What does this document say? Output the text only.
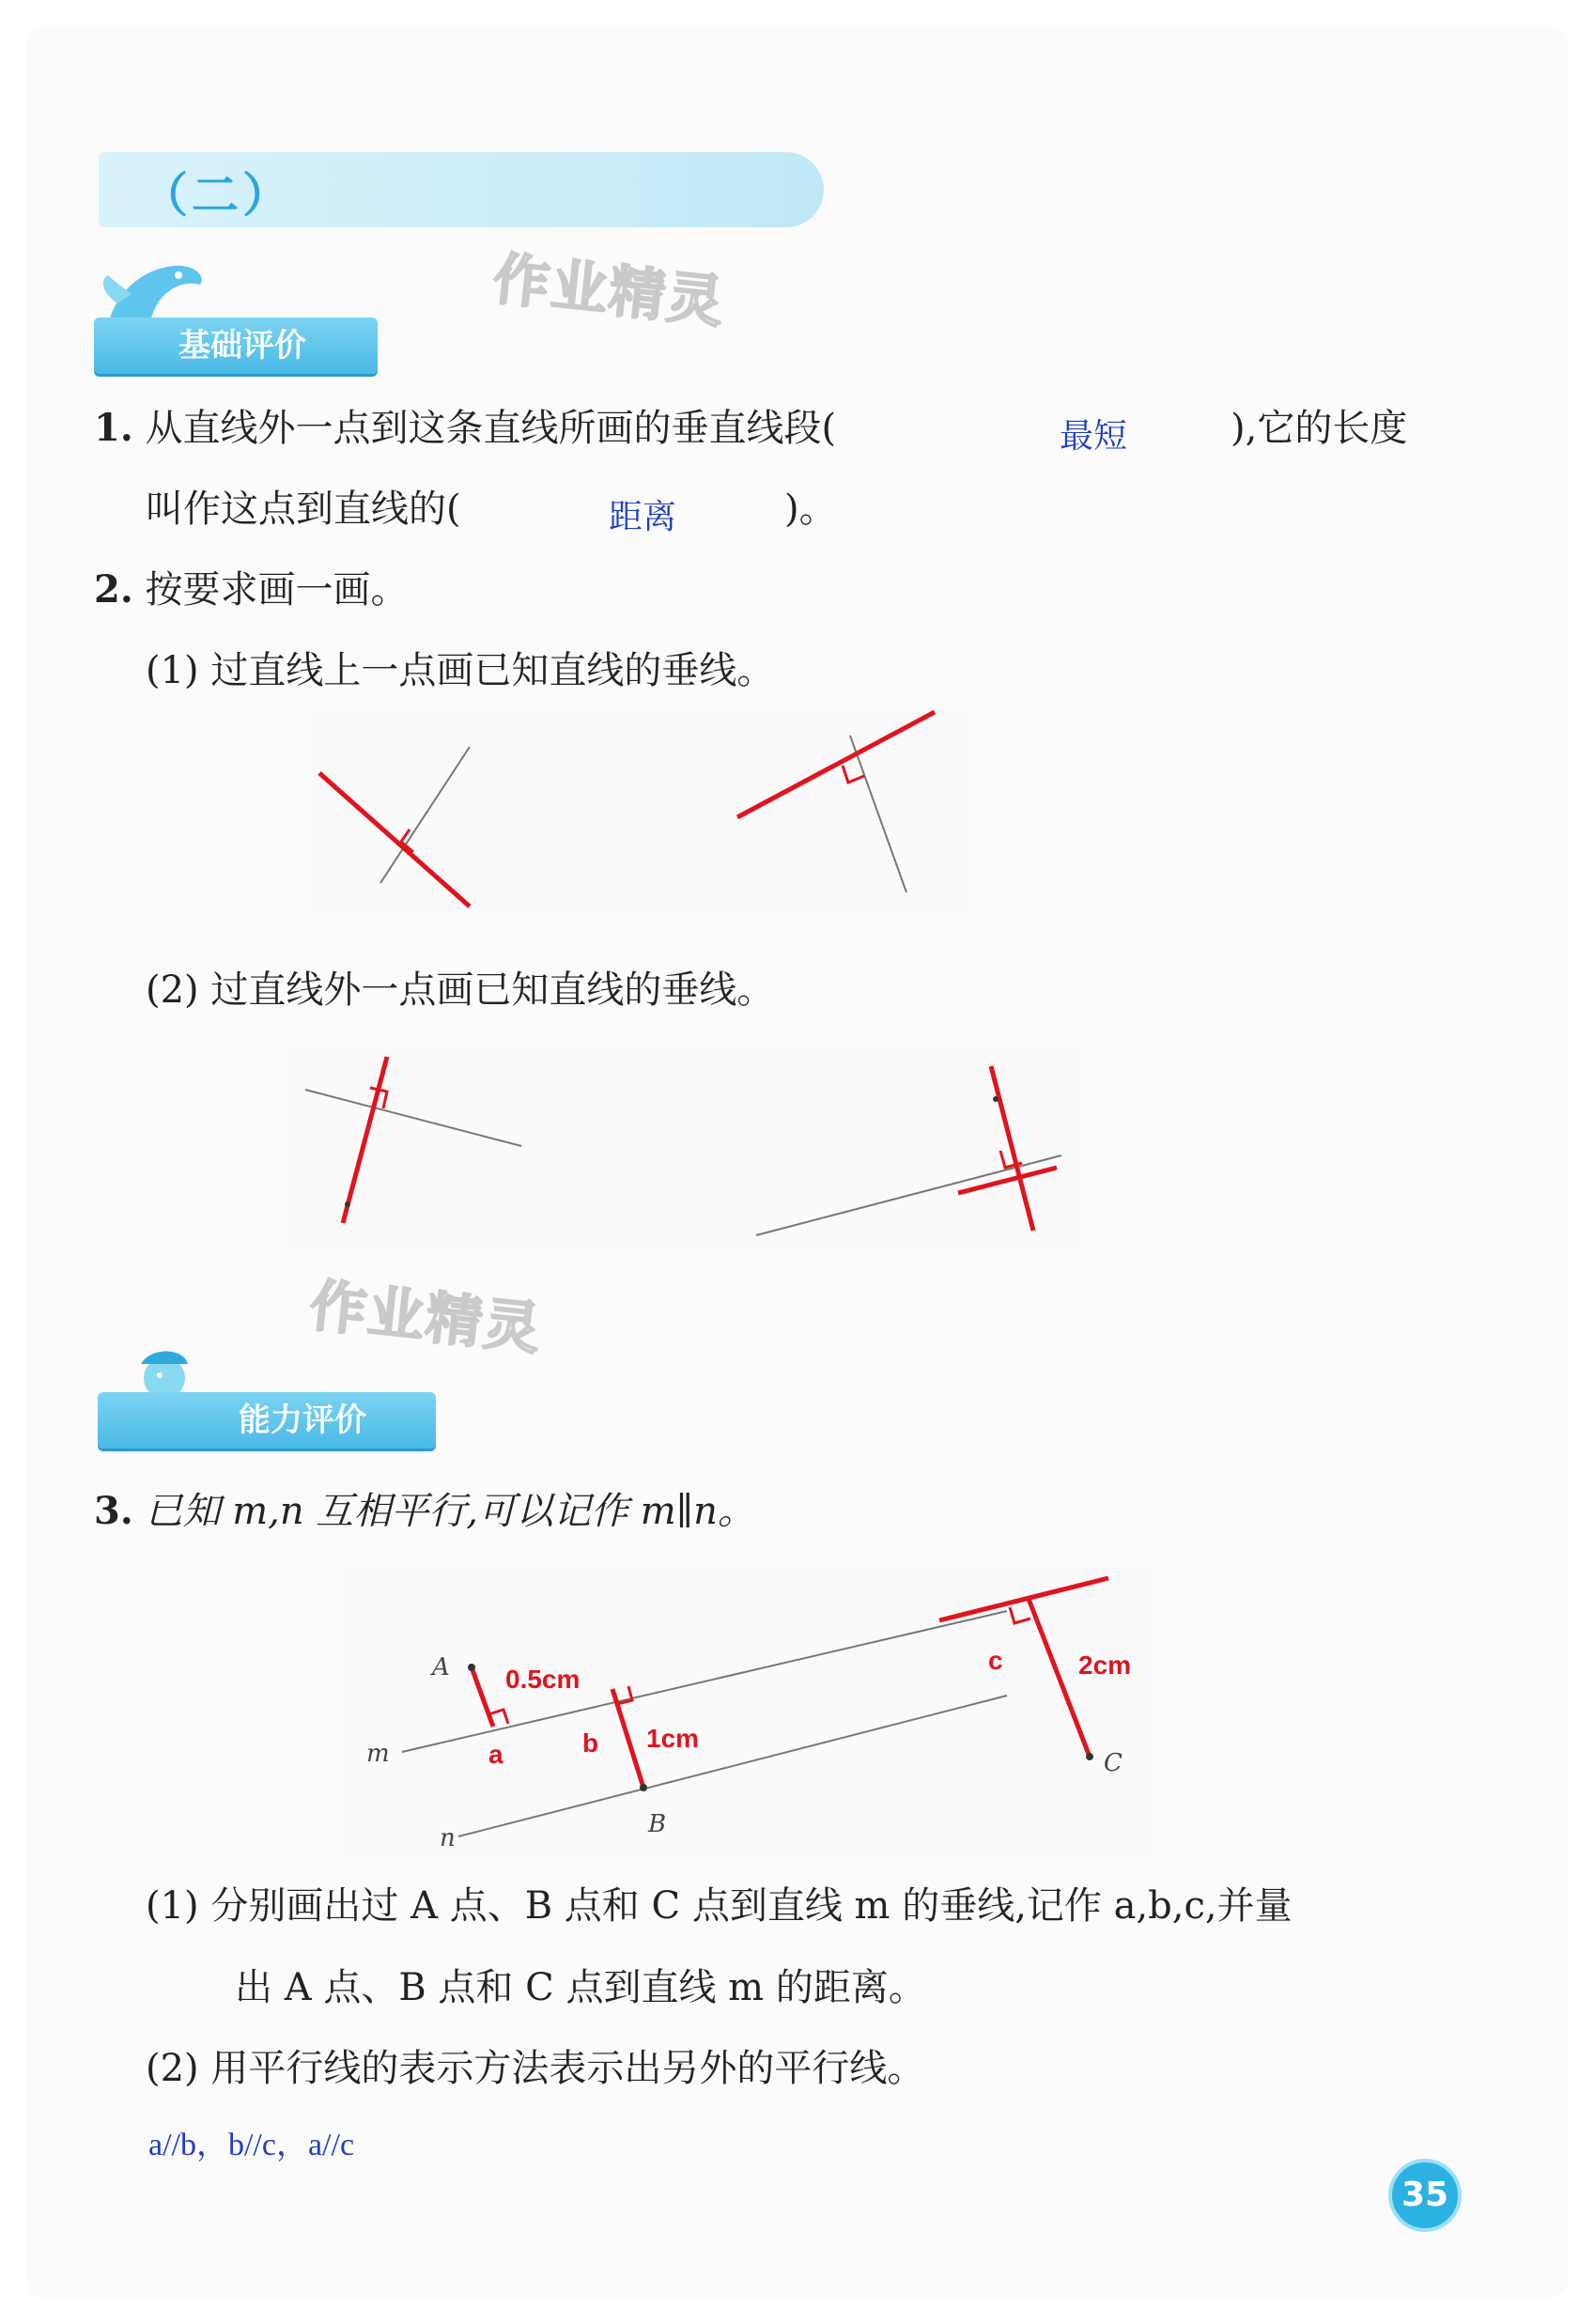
（二）
作业精灵
作业精灵
基础评价
1. 从直线外一点到这条直线所画的垂直线段(	最短	),它的长度
叫作这点到直线的(	距离	)。
2. 按要求画一画。
(1) 过直线上一点画已知直线的垂线。
(2) 过直线外一点画已知直线的垂线。
能力评价
3. 已知 m,n 互相平行,可以记作 m∥n。
A
B
C
m
n
a	b
c
0.5cm
1cm
2cm
(1) 分别画出过 A 点、B 点和 C 点到直线 m 的垂线,记作 a,b,c,并量
出 A 点、B 点和 C 点到直线 m 的距离。
(2) 用平行线的表示方法表示出另外的平行线。
a//b，b//c，a//c
35
